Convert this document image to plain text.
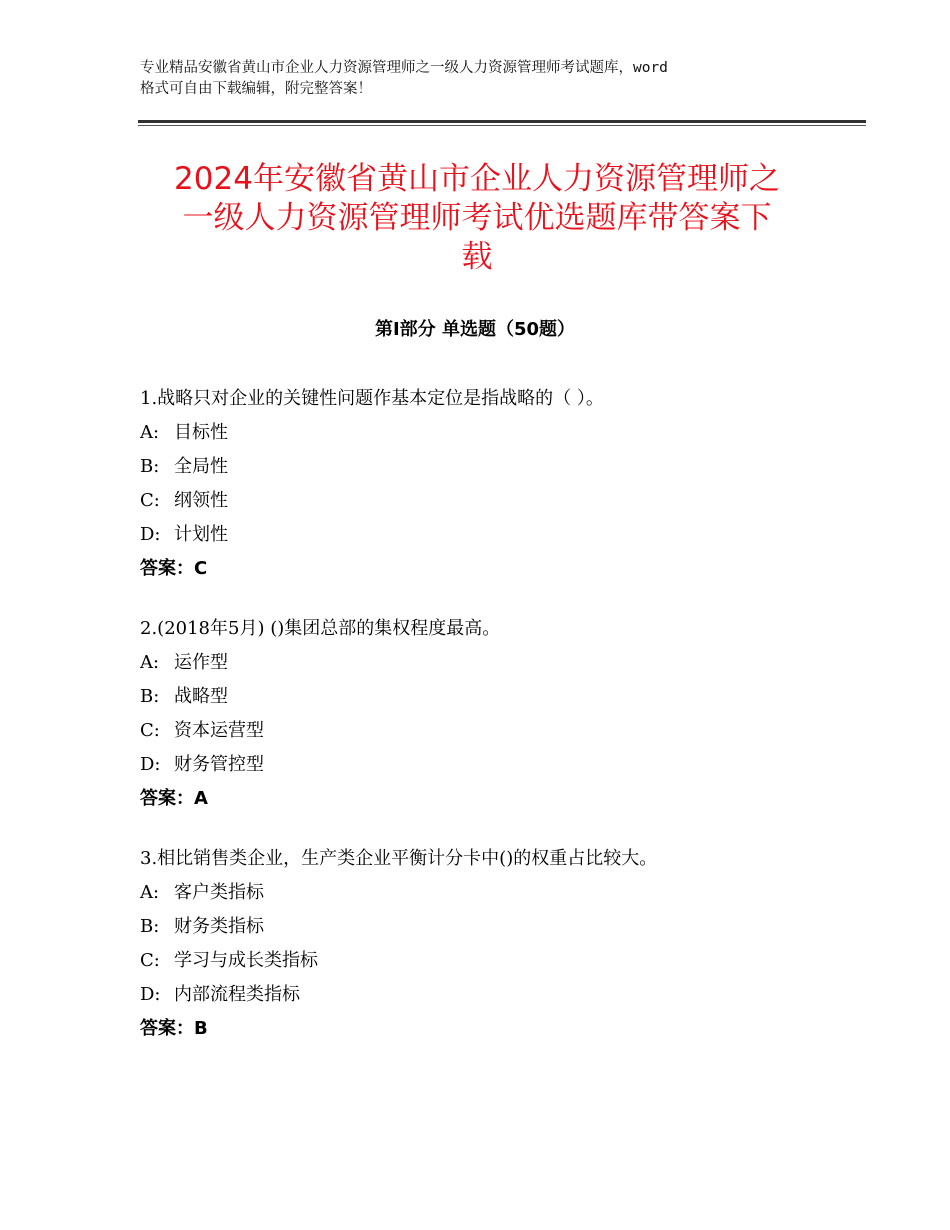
专业精品安徽省黄山市企业人力资源管理师之一级人力资源管理师考试题库，word
格式可自由下载编辑，附完整答案！
2024年安徽省黄山市企业人力资源管理师之
一级人力资源管理师考试优选题库带答案下
载
第Ⅰ部分 单选题（50题）
1.战略只对企业的关键性问题作基本定位是指战略的（ ）。
A: 目标性
B: 全局性
C: 纲领性
D: 计划性
答案：C
2.(2018年5月) ()集团总部的集权程度最高。
A: 运作型
B: 战略型
C: 资本运营型
D: 财务管控型
答案：A
3.相比销售类企业，生产类企业平衡计分卡中()的权重占比较大。
A: 客户类指标
B: 财务类指标
C: 学习与成长类指标
D: 内部流程类指标
答案：B
